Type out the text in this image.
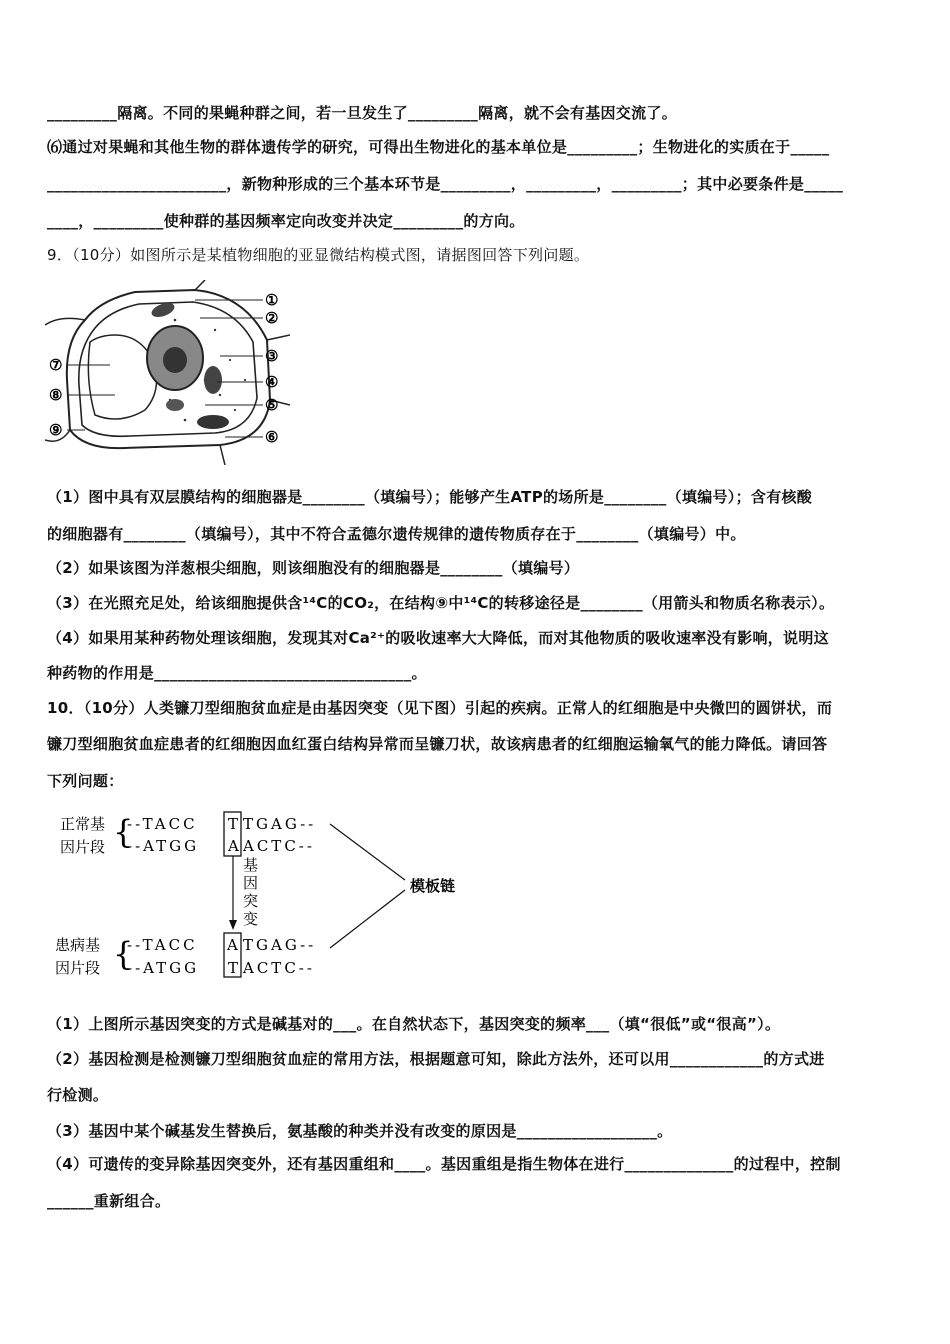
_________隔离。不同的果蝇种群之间，若一旦发生了_________隔离，就不会有基因交流了。
⑹通过对果蝇和其他生物的群体遗传学的研究，可得出生物进化的基本单位是_________；生物进化的实质在于_____
_______________________，新物种形成的三个基本环节是_________，_________，_________；其中必要条件是_____
____，_________使种群的基因频率定向改变并决定_________的方向。
9．（10分）如图所示是某植物细胞的亚显微结构模式图，请据图回答下列问题。
①
②
③
④
⑤
⑥
⑦
⑧
⑨
（1）图中具有双层膜结构的细胞器是________（填编号）；能够产生ATP的场所是________（填编号）；含有核酸
的细胞器有________（填编号），其中不符合孟德尔遗传规律的遗传物质存在于________（填编号）中。
（2）如果该图为洋葱根尖细胞，则该细胞没有的细胞器是________（填编号）
（3）在光照充足处，给该细胞提供含¹⁴C的CO₂，在结构⑨中¹⁴C的转移途径是________（用箭头和物质名称表示）。
（4）如果用某种药物处理该细胞，发现其对Ca²⁺的吸收速率大大降低，而对其他物质的吸收速率没有影响，说明这
种药物的作用是_________________________________。
10．（10分）人类镰刀型细胞贫血症是由基因突变（见下图）引起的疾病。正常人的红细胞是中央微凹的圆饼状，而
镰刀型细胞贫血症患者的红细胞因血红蛋白结构异常而呈镰刀状，故该病患者的红细胞运输氧气的能力降低。请回答
下列问题：
正常基
因片段 {
--TACC T TGAG--
--ATGG A ACTC--
基
因
突
变
患病基
因片段 {
--TACC A TGAG--
--ATGG T ACTC--
模板链
（1）上图所示基因突变的方式是碱基对的___。在自然状态下，基因突变的频率___（填“很低”或“很高”）。
（2）基因检测是检测镰刀型细胞贫血症的常用方法，根据题意可知，除此方法外，还可以用____________的方式进
行检测。
（3）基因中某个碱基发生替换后，氨基酸的种类并没有改变的原因是__________________。
（4）可遗传的变异除基因突变外，还有基因重组和____。基因重组是指生物体在进行______________的过程中，控制
______重新组合。
